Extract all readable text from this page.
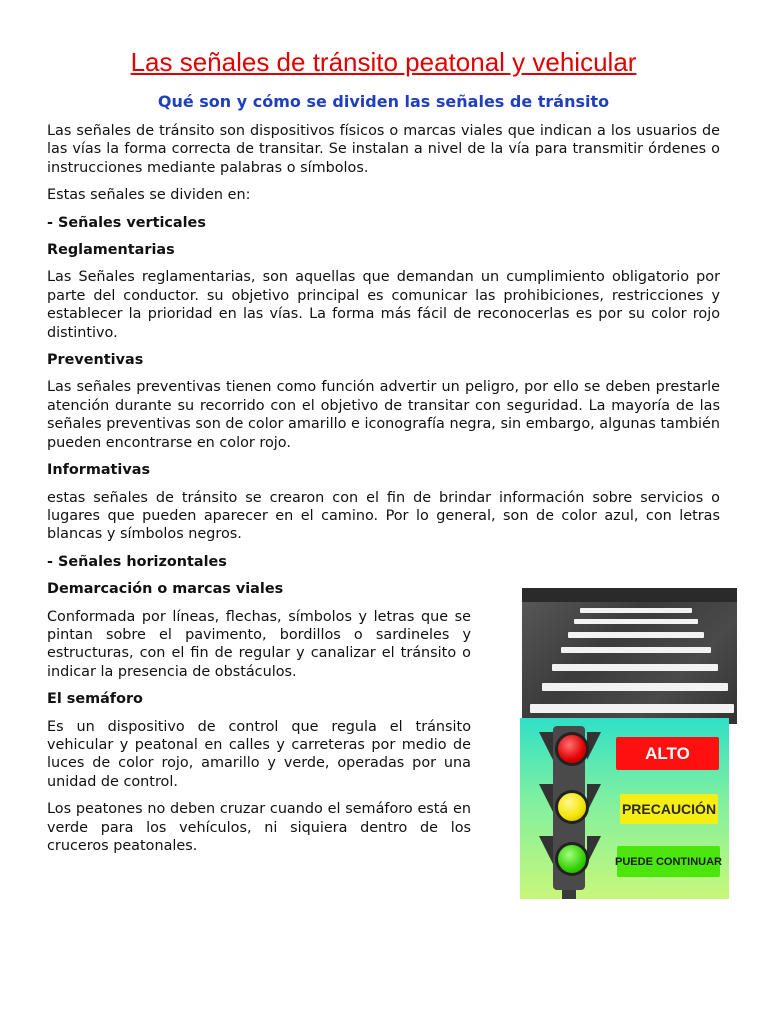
Las señales de tránsito peatonal y vehicular
Qué son y cómo se dividen las señales de tránsito

Las señales de tránsito son dispositivos físicos o marcas viales que indican a los usuarios de las vías la forma correcta de transitar. Se instalan a nivel de la vía para transmitir órdenes o instrucciones mediante palabras o símbolos.

Estas señales se dividen en:

- Señales verticales
Reglamentarias

Las Señales reglamentarias, son aquellas que demandan un cumplimiento obligatorio por parte del conductor. su objetivo principal es comunicar las prohibiciones, restricciones y establecer la prioridad en las vías. La forma más fácil de reconocerlas es por su color rojo distintivo.

Preventivas

Las señales preventivas tienen como función advertir un peligro, por ello se deben prestarle atención durante su recorrido con el objetivo de transitar con seguridad. La mayoría de las señales preventivas son de color amarillo e iconografía negra, sin embargo, algunas también pueden encontrarse en color rojo.

Informativas

estas señales de tránsito se crearon con el fin de brindar información sobre servicios o lugares que pueden aparecer en el camino. Por lo general, son de color azul, con letras blancas y símbolos negros.

- Señales horizontales
Demarcación o marcas viales

Conformada por líneas, flechas, símbolos y letras que se pintan sobre el pavimento, bordillos o sardineles y estructuras, con el fin de regular y canalizar el tránsito o indicar la presencia de obstáculos.

El semáforo

Es un dispositivo de control que regula el tránsito vehicular y peatonal en calles y carreteras por medio de luces de color rojo, amarillo y verde, operadas por una unidad de control.

Los peatones no deben cruzar cuando el semáforo está en verde para los vehículos, ni siquiera dentro de los cruceros peatonales.

ALTO
PRECAUCIÓN
PUEDE CONTINUAR
